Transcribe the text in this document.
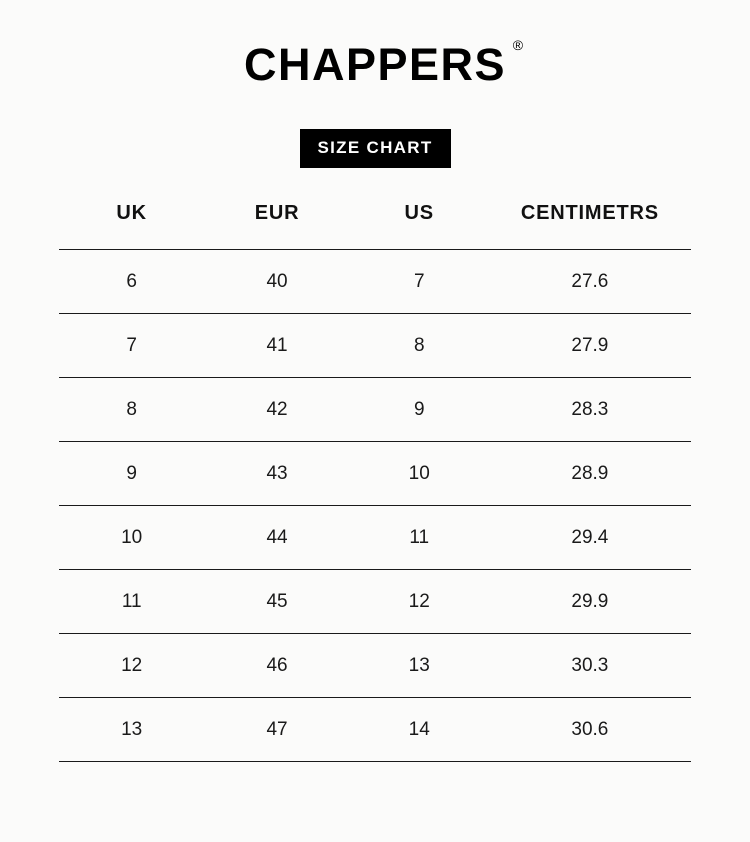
CHAPPERS ®
SIZE CHART
UK	EUR	US	CENTIMETRS
6	40	7	27.6
7	41	8	27.9
8	42	9	28.3
9	43	10	28.9
10	44	11	29.4
11	45	12	29.9
12	46	13	30.3
13	47	14	30.6
